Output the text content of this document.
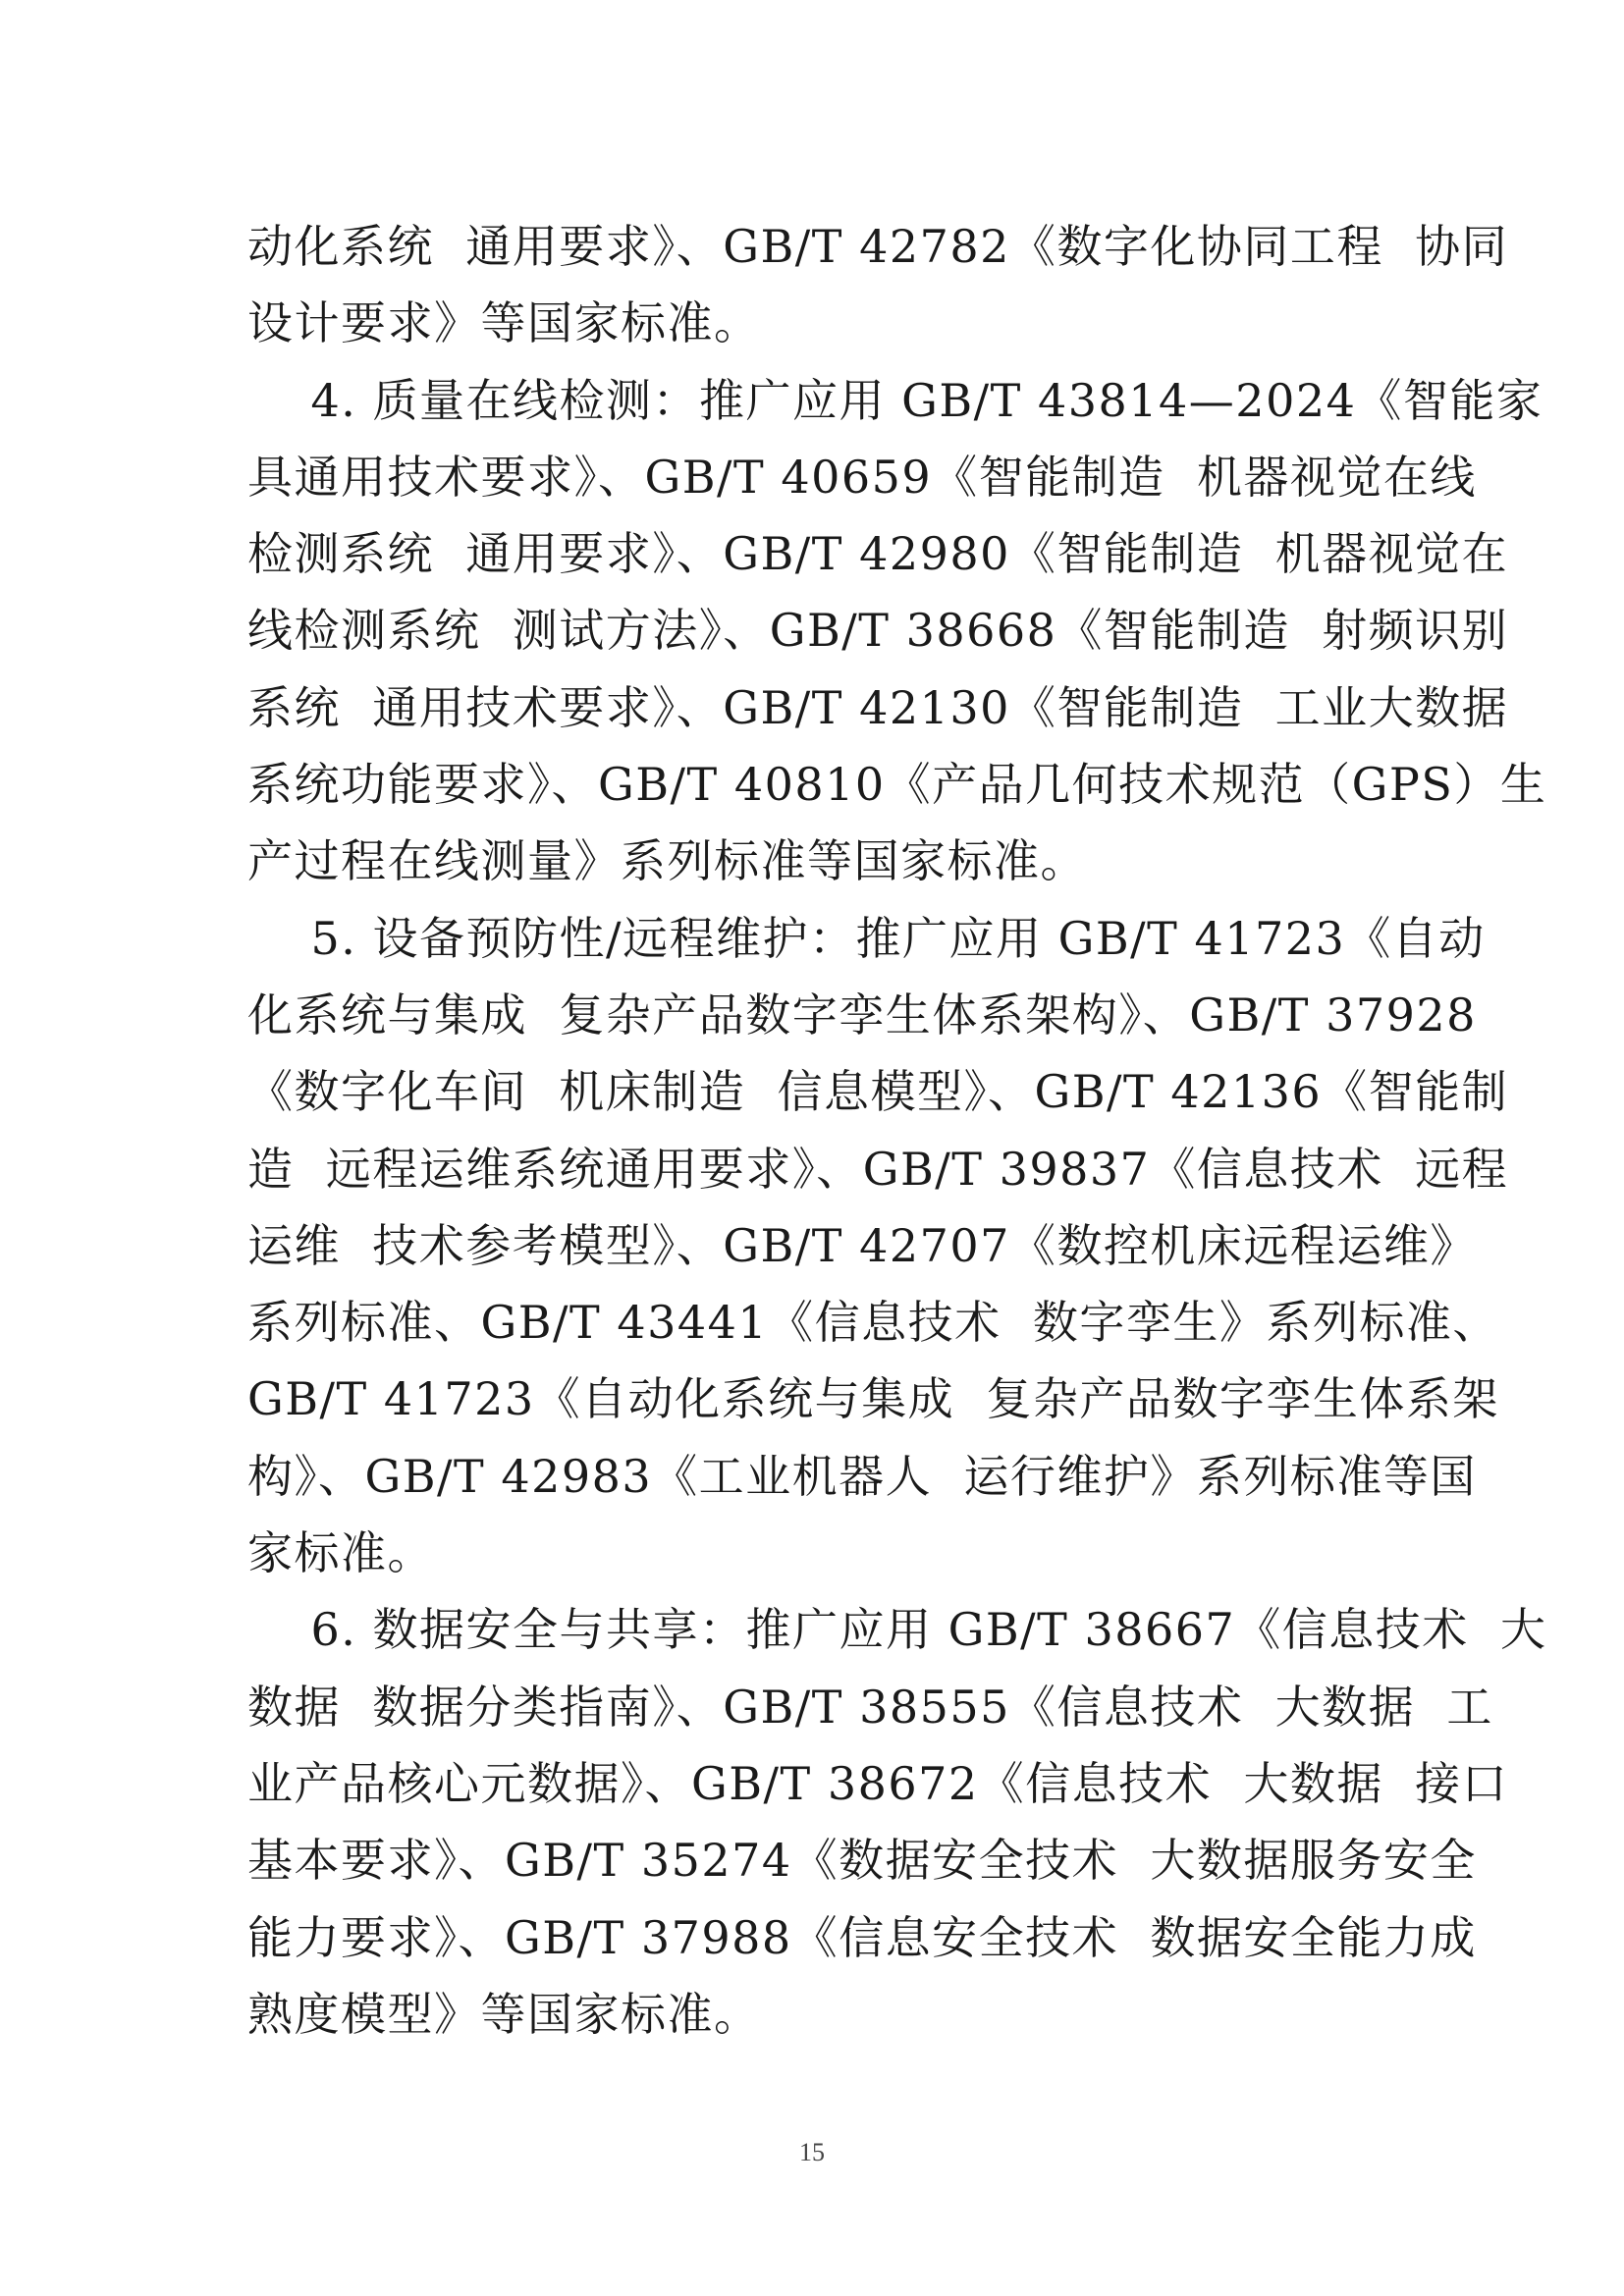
动化系统  通用要求》、GB/T 42782《数字化协同工程  协同
设计要求》等国家标准。

4. 质量在线检测：推广应用 GB/T 43814—2024《智能家
具通用技术要求》、GB/T 40659《智能制造  机器视觉在线
检测系统  通用要求》、GB/T 42980《智能制造  机器视觉在
线检测系统  测试方法》、GB/T 38668《智能制造  射频识别
系统  通用技术要求》、GB/T 42130《智能制造  工业大数据
系统功能要求》、GB/T 40810《产品几何技术规范（GPS）生
产过程在线测量》系列标准等国家标准。

5. 设备预防性/远程维护：推广应用 GB/T 41723《自动
化系统与集成  复杂产品数字孪生体系架构》、GB/T 37928
《数字化车间  机床制造  信息模型》、GB/T 42136《智能制
造  远程运维系统通用要求》、GB/T 39837《信息技术  远程
运维  技术参考模型》、GB/T 42707《数控机床远程运维》
系列标准、GB/T 43441《信息技术  数字孪生》系列标准、
GB/T 41723《自动化系统与集成  复杂产品数字孪生体系架
构》、GB/T 42983《工业机器人  运行维护》系列标准等国
家标准。

6. 数据安全与共享：推广应用 GB/T 38667《信息技术  大
数据  数据分类指南》、GB/T 38555《信息技术  大数据  工
业产品核心元数据》、GB/T 38672《信息技术  大数据  接口
基本要求》、GB/T 35274《数据安全技术  大数据服务安全
能力要求》、GB/T 37988《信息安全技术  数据安全能力成
熟度模型》等国家标准。

15
